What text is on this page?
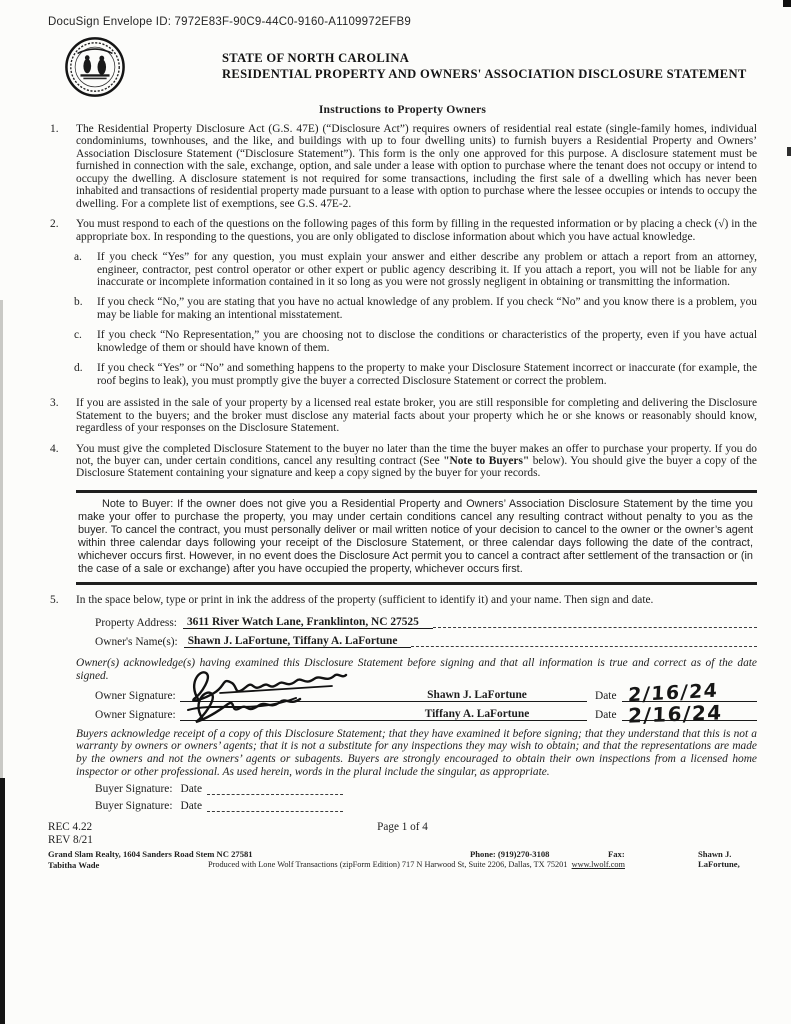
DocuSign Envelope ID: 7972E83F-90C9-44C0-9160-A1109972EFB9
STATE OF NORTH CAROLINA
RESIDENTIAL PROPERTY AND OWNERS' ASSOCIATION DISCLOSURE STATEMENT
Instructions to Property Owners
1. The Residential Property Disclosure Act (G.S. 47E) (“Disclosure Act”) requires owners of residential real estate (single-family homes, individual condominiums, townhouses, and the like, and buildings with up to four dwelling units) to furnish buyers a Residential Property and Owners’ Association Disclosure Statement (“Disclosure Statement”). This form is the only one approved for this purpose. A disclosure statement must be furnished in connection with the sale, exchange, option, and sale under a lease with option to purchase where the tenant does not occupy or intend to occupy the dwelling. A disclosure statement is not required for some transactions, including the first sale of a dwelling which has never been inhabited and transactions of residential property made pursuant to a lease with option to purchase where the lessee occupies or intends to occupy the dwelling. For a complete list of exemptions, see G.S. 47E-2.
2. You must respond to each of the questions on the following pages of this form by filling in the requested information or by placing a check (√) in the appropriate box. In responding to the questions, you are only obligated to disclose information about which you have actual knowledge.
a. If you check “Yes” for any question, you must explain your answer and either describe any problem or attach a report from an attorney, engineer, contractor, pest control operator or other expert or public agency describing it. If you attach a report, you will not be liable for any inaccurate or incomplete information contained in it so long as you were not grossly negligent in obtaining or transmitting the information.
b. If you check “No,” you are stating that you have no actual knowledge of any problem. If you check “No” and you know there is a problem, you may be liable for making an intentional misstatement.
c. If you check “No Representation,” you are choosing not to disclose the conditions or characteristics of the property, even if you have actual knowledge of them or should have known of them.
d. If you check “Yes” or “No” and something happens to the property to make your Disclosure Statement incorrect or inaccurate (for example, the roof begins to leak), you must promptly give the buyer a corrected Disclosure Statement or correct the problem.
3. If you are assisted in the sale of your property by a licensed real estate broker, you are still responsible for completing and delivering the Disclosure Statement to the buyers; and the broker must disclose any material facts about your property which he or she knows or reasonably should know, regardless of your responses on the Disclosure Statement.
4. You must give the completed Disclosure Statement to the buyer no later than the time the buyer makes an offer to purchase your property. If you do not, the buyer can, under certain conditions, cancel any resulting contract (See "Note to Buyers" below). You should give the buyer a copy of the Disclosure Statement containing your signature and keep a copy signed by the buyer for your records.
Note to Buyer: If the owner does not give you a Residential Property and Owners’ Association Disclosure Statement by the time you make your offer to purchase the property, you may under certain conditions cancel any resulting contract without penalty to you as the buyer. To cancel the contract, you must personally deliver or mail written notice of your decision to cancel to the owner or the owner’s agent within three calendar days following your receipt of the Disclosure Statement, or three calendar days following the date of the contract, whichever occurs first. However, in no event does the Disclosure Act permit you to cancel a contract after settlement of the transaction or (in the case of a sale or exchange) after you have occupied the property, whichever occurs first.
5. In the space below, type or print in ink the address of the property (sufficient to identify it) and your name. Then sign and date.
Property Address: 3611 River Watch Lane, Franklinton, NC 27525
Owner's Name(s): Shawn J. LaFortune, Tiffany A. LaFortune
Owner(s) acknowledge(s) having examined this Disclosure Statement before signing and that all information is true and correct as of the date signed.
Owner Signature:	Shawn J. LaFortune	Date 2/16/24
Owner Signature:	Tiffany A. LaFortune	Date 2/16/24
Buyers acknowledge receipt of a copy of this Disclosure Statement; that they have examined it before signing; that they understand that this is not a warranty by owners or owners’ agents; that it is not a substitute for any inspections they may wish to obtain; and that the representations are made by the owners and not the owners’ agents or subagents. Buyers are strongly encouraged to obtain their own inspections from a licensed home inspector or other professional. As used herein, words in the plural include the singular, as appropriate.
Buyer Signature: Date
Buyer Signature: Date
REC 4.22	Page 1 of 4
REV 8/21
Grand Slam Realty, 1604 Sanders Road Stem NC 27581	Phone: (919)270-3108	Fax:	Shawn J. LaFortune,
Tabitha Wade	Produced with Lone Wolf Transactions (zipForm Edition) 717 N Harwood St, Suite 2206, Dallas, TX 75201 www.lwolf.com
